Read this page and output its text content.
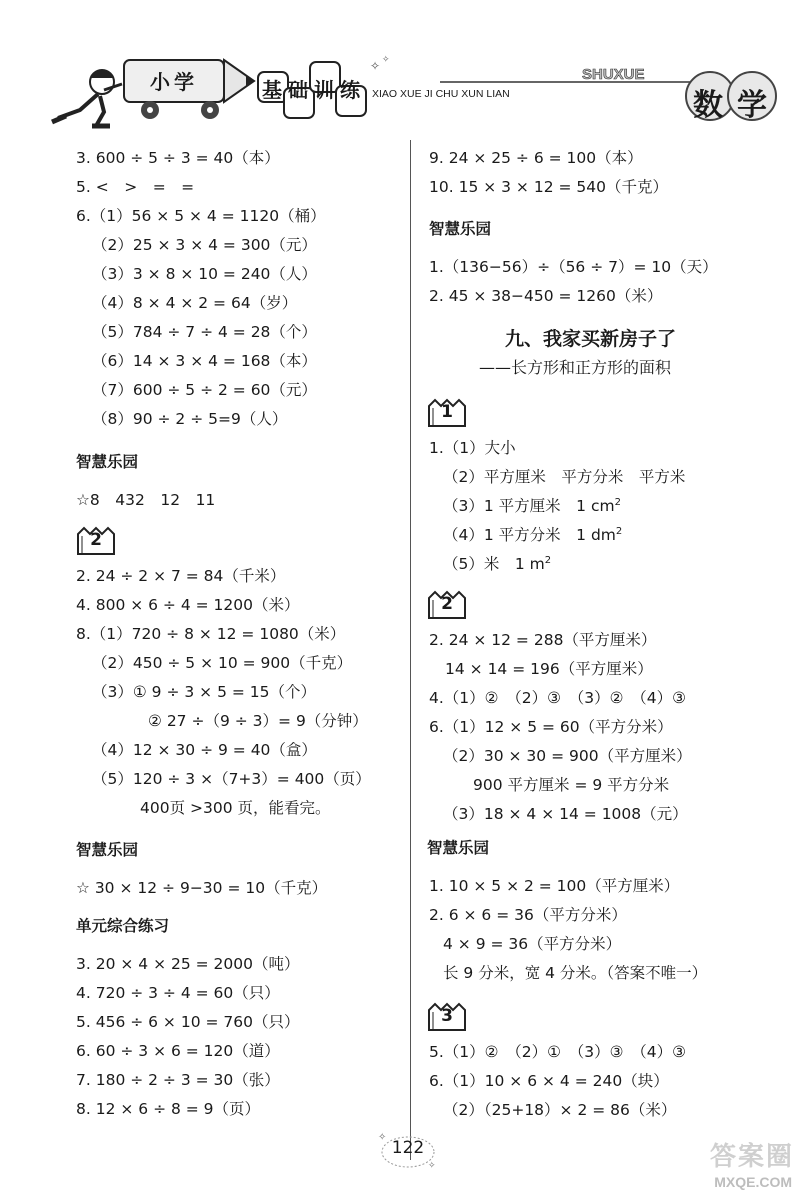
✧ ✧
小学	基础训练 XIAO XUE JI CHU XUN LIAN
SHUXUE
数学
3. 600 ÷ 5 ÷ 3 = 40（本）
5. <　>　=　=
6.（1）56 × 5 × 4 = 1120（桶）
（2）25 × 3 × 4 = 300（元）
（3）3 × 8 × 10 = 240（人）
（4）8 × 4 × 2 = 64（岁）
（5）784 ÷ 7 ÷ 4 = 28（个）
（6）14 × 3 × 4 = 168（本）
（7）600 ÷ 5 ÷ 2 = 60（元）
（8）90 ÷ 2 ÷ 5=9（人）
智慧乐园
☆8　432　12　11
2
2. 24 ÷ 2 × 7 = 84（千米）
4. 800 × 6 ÷ 4 = 1200（米）
8.（1）720 ÷ 8 × 12 = 1080（米）
（2）450 ÷ 5 × 10 = 900（千克）
（3）① 9 ÷ 3 × 5 = 15（个）
② 27 ÷（9 ÷ 3）= 9（分钟）
（4）12 × 30 ÷ 9 = 40（盒）
（5）120 ÷ 3 ×（7+3）= 400（页）
400页 >300 页，能看完。
智慧乐园
☆ 30 × 12 ÷ 9−30 = 10（千克）
单元综合练习
3. 20 × 4 × 25 = 2000（吨）
4. 720 ÷ 3 ÷ 4 = 60（只）
5. 456 ÷ 6 × 10 = 760（只）
6. 60 ÷ 3 × 6 = 120（道）
7. 180 ÷ 2 ÷ 3 = 30（张）
8. 12 × 6 ÷ 8 = 9（页）
9. 24 × 25 ÷ 6 = 100（本）
10. 15 × 3 × 12 = 540（千克）
智慧乐园
1.（136−56）÷（56 ÷ 7）= 10（天）
2. 45 × 38−450 = 1260（米）
九、我家买新房子了
——长方形和正方形的面积
1
1.（1）大小
（2）平方厘米　平方分米　平方米
（3）1 平方厘米　1 $cm^2$
（4）1 平方分米　1 $dm^2$
（5）米　1 $m^2$
2
2. 24 × 12 = 288（平方厘米）
14 × 14 = 196（平方厘米）
4.（1）②　（2）③　（3）②　（4）③
6.（1）12 × 5 = 60（平方分米）
（2）30 × 30 = 900（平方厘米）
900 平方厘米 = 9 平方分米
（3）18 × 4 × 14 = 1008（元）
智慧乐园
1. 10 × 5 × 2 = 100（平方厘米）
2. 6 × 6 = 36（平方分米）
4 × 9 = 36（平方分米）
长 9 分米，宽 4 分米。（答案不唯一）
3
5.（1）②　（2）①　（3）③　（4）③
6.（1）10 × 6 × 4 = 240（块）
（2）（25+18）× 2 = 86（米）
✧
✧
122	答案圈
MXQE.COM
